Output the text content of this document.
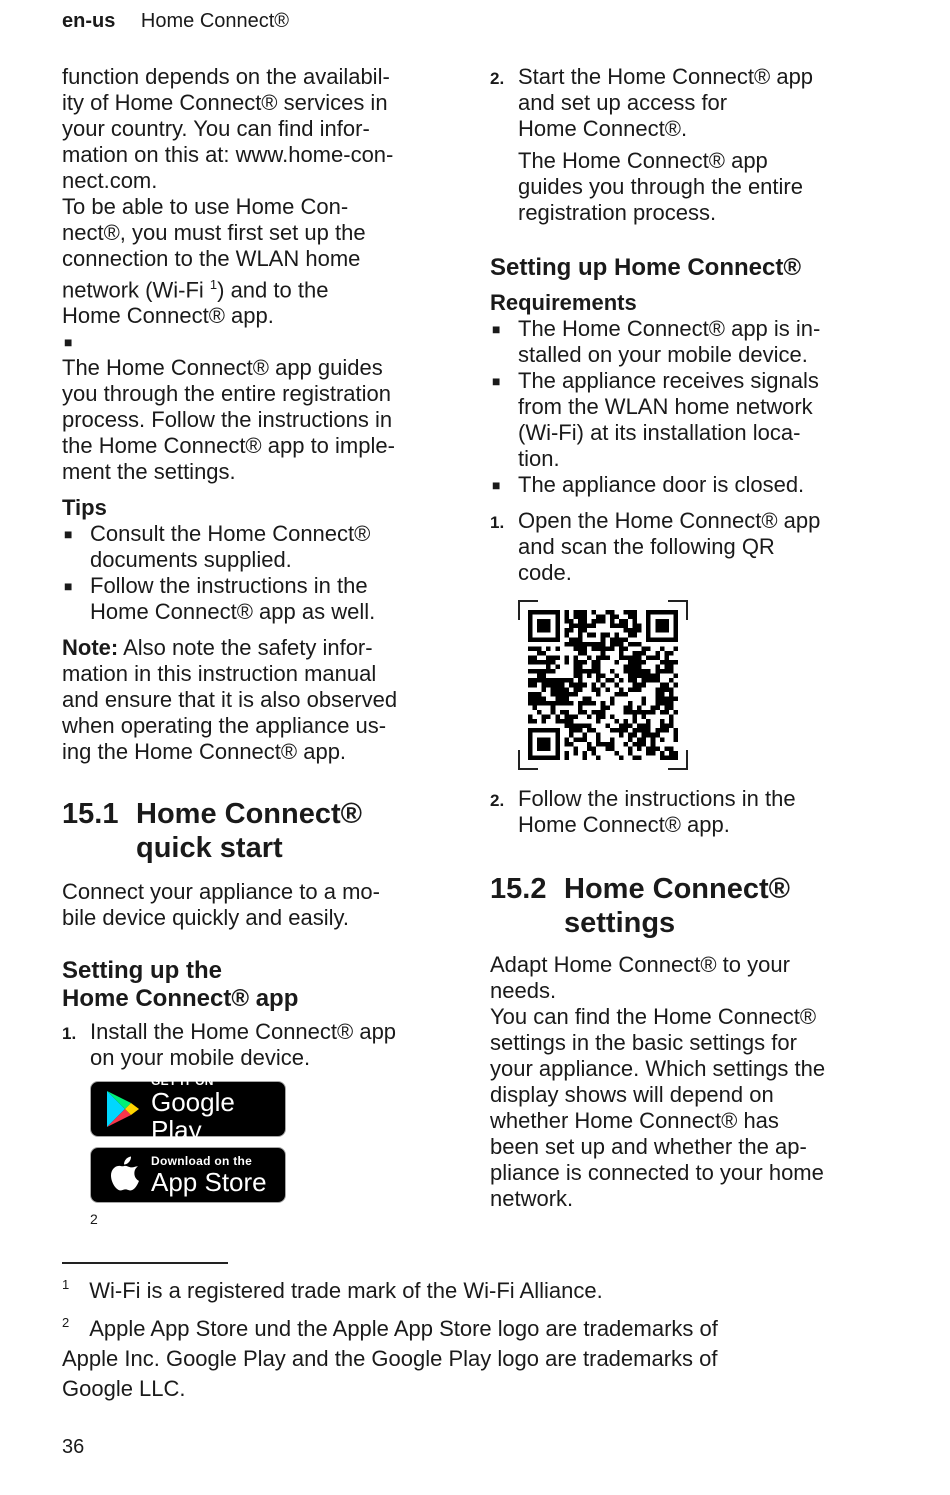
en-us Home Connect®

function depends on the availabil-
ity of Home Connect® services in
your country. You can find infor-
mation on this at: www.home-con-
nect.com.

To be able to use Home Con-
nect®, you must first set up the
connection to the WLAN home
network (Wi-Fi $^1$) and to the
Home Connect® app.

■

The Home Connect® app guides
you through the entire registration
process. Follow the instructions in
the Home Connect® app to imple-
ment the settings.

Tips

■ Consult the Home Connect®
documents supplied.
■ Follow the instructions in the
Home Connect® app as well.

Note: Also note the safety infor-
mation in this instruction manual
and ensure that it is also observed
when operating the appliance us-
ing the Home Connect® app.

15.1 Home Connect®
quick start

Connect your appliance to a mo-
bile device quickly and easily.

Setting up the
Home Connect® app

1. Install the Home Connect® app
on your mobile device.
GET IT ON
Google Play
Download on the
App Store
2
2. Start the Home Connect® app
and set up access for
Home Connect®.

The Home Connect® app
guides you through the entire
registration process.

Setting up Home Connect®

Requirements

■ The Home Connect® app is in-
stalled on your mobile device.
■ The appliance receives signals
from the WLAN home network
(Wi-Fi) at its installation loca-
tion.
■ The appliance door is closed.
1. Open the Home Connect® app
and scan the following QR
code.
2. Follow the instructions in the
Home Connect® app.
15.2 Home Connect®
settings

Adapt Home Connect® to your
needs.

You can find the Home Connect®
settings in the basic settings for
your appliance. Which settings the
display shows will depend on
whether Home Connect® has
been set up and whether the ap-
pliance is connected to your home
network.

$^1$ Wi-Fi is a registered trade mark of the Wi-Fi Alliance.

$^2$ Apple App Store und the Apple App Store logo are trademarks of
Apple Inc. Google Play and the Google Play logo are trademarks of
Google LLC.

36
